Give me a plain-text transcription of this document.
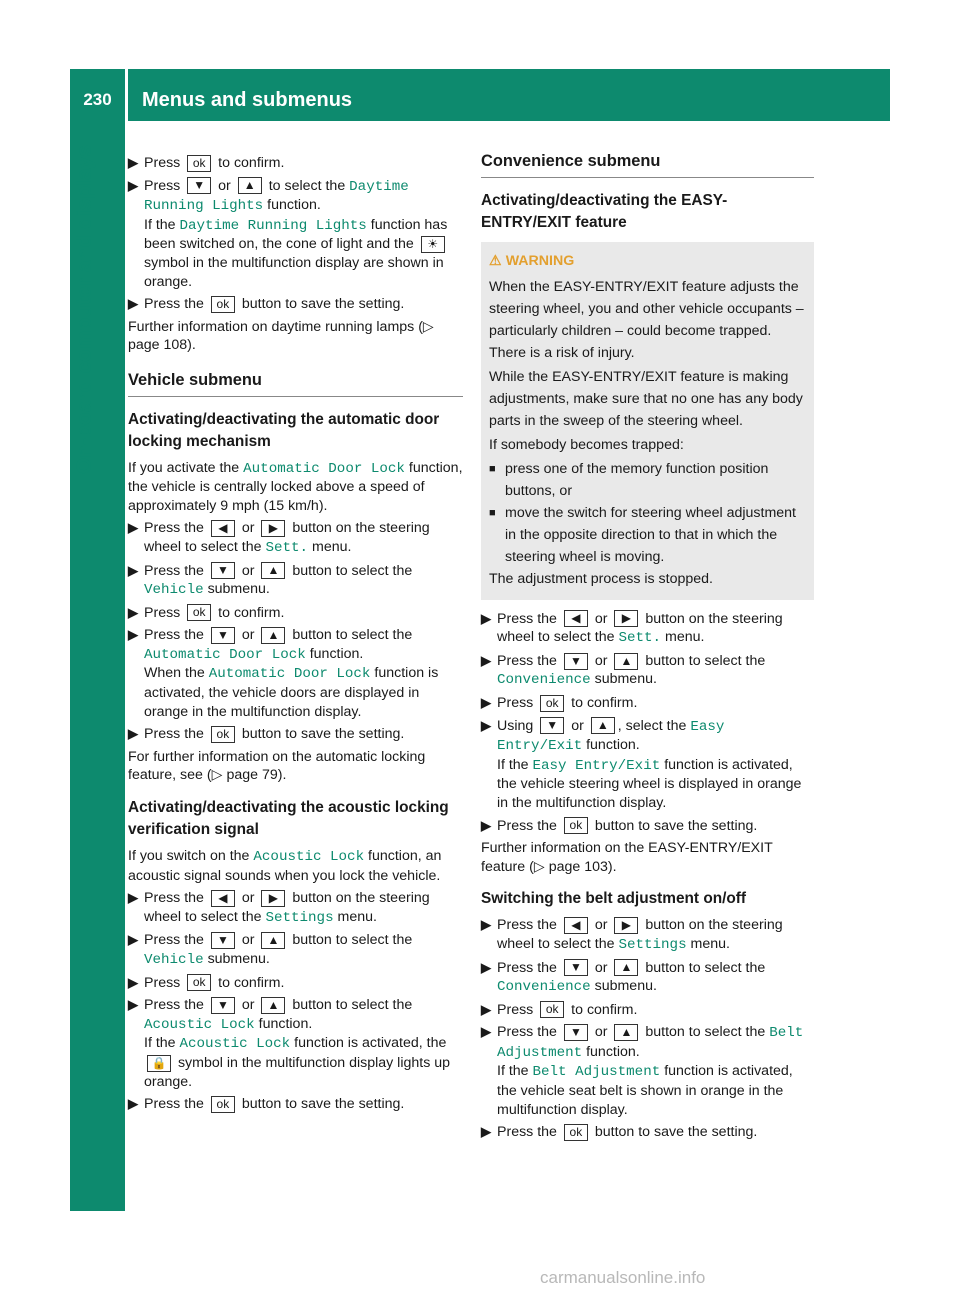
230	Menus and submenus
On-board computer and displays ▶ Press ok to confirm.
▶ Press ▼ or ▲ to select the Daytime Running Lights function.
If the Daytime Running Lights function has been switched on, the cone of light and the ☀ symbol in the multifunction display are shown in orange.
▶ Press the ok button to save the setting.

Further information on daytime running lamps (▷ page 108).

Vehicle submenu
Activating/deactivating the automatic door locking mechanism

If you activate the Automatic Door Lock function, the vehicle is centrally locked above a speed of approximately 9 mph (15 km/h).

▶ Press the ◀ or ▶ button on the steering wheel to select the Sett. menu.
▶ Press the ▼ or ▲ button to select the Vehicle submenu.
▶ Press ok to confirm.
▶ Press the ▼ or ▲ button to select the Automatic Door Lock function.
When the Automatic Door Lock function is activated, the vehicle doors are displayed in orange in the multifunction display.
▶ Press the ok button to save the setting.

For further information on the automatic locking feature, see (▷ page 79).

Activating/deactivating the acoustic locking verification signal

If you switch on the Acoustic Lock function, an acoustic signal sounds when you lock the vehicle.

▶ Press the ◀ or ▶ button on the steering wheel to select the Settings menu.
▶ Press the ▼ or ▲ button to select the Vehicle submenu.
▶ Press ok to confirm.
▶ Press the ▼ or ▲ button to select the Acoustic Lock function.
If the Acoustic Lock function is activated, the 🔒 symbol in the multifunction display lights up orange.
▶ Press the ok button to save the setting.
Convenience submenu
Activating/deactivating the EASY-ENTRY/EXIT feature
⚠ WARNING

When the EASY-ENTRY/EXIT feature adjusts the steering wheel, you and other vehicle occupants – particularly children – could become trapped. There is a risk of injury.

While the EASY-ENTRY/EXIT feature is making adjustments, make sure that no one has any body parts in the sweep of the steering wheel.

If somebody becomes trapped:

■ press one of the memory function position buttons, or
■ move the switch for steering wheel adjustment in the opposite direction to that in which the steering wheel is moving.

The adjustment process is stopped.

▶ Press the ◀ or ▶ button on the steering wheel to select the Sett. menu.
▶ Press the ▼ or ▲ button to select the Convenience submenu.
▶ Press ok to confirm.
▶ Using ▼ or ▲ , select the Easy Entry/Exit function.
If the Easy Entry/Exit function is activated, the vehicle steering wheel is displayed in orange in the multifunction display.
▶ Press the ok button to save the setting.

Further information on the EASY-ENTRY/EXIT feature (▷ page 103).

Switching the belt adjustment on/off
▶ Press the ◀ or ▶ button on the steering wheel to select the Settings menu.
▶ Press the ▼ or ▲ button to select the Convenience submenu.
▶ Press ok to confirm.
▶ Press the ▼ or ▲ button to select the Belt Adjustment function.
If the Belt Adjustment function is activated, the vehicle seat belt is shown in orange in the multifunction display.
▶ Press the ok button to save the setting.
carmanualsonline.info
